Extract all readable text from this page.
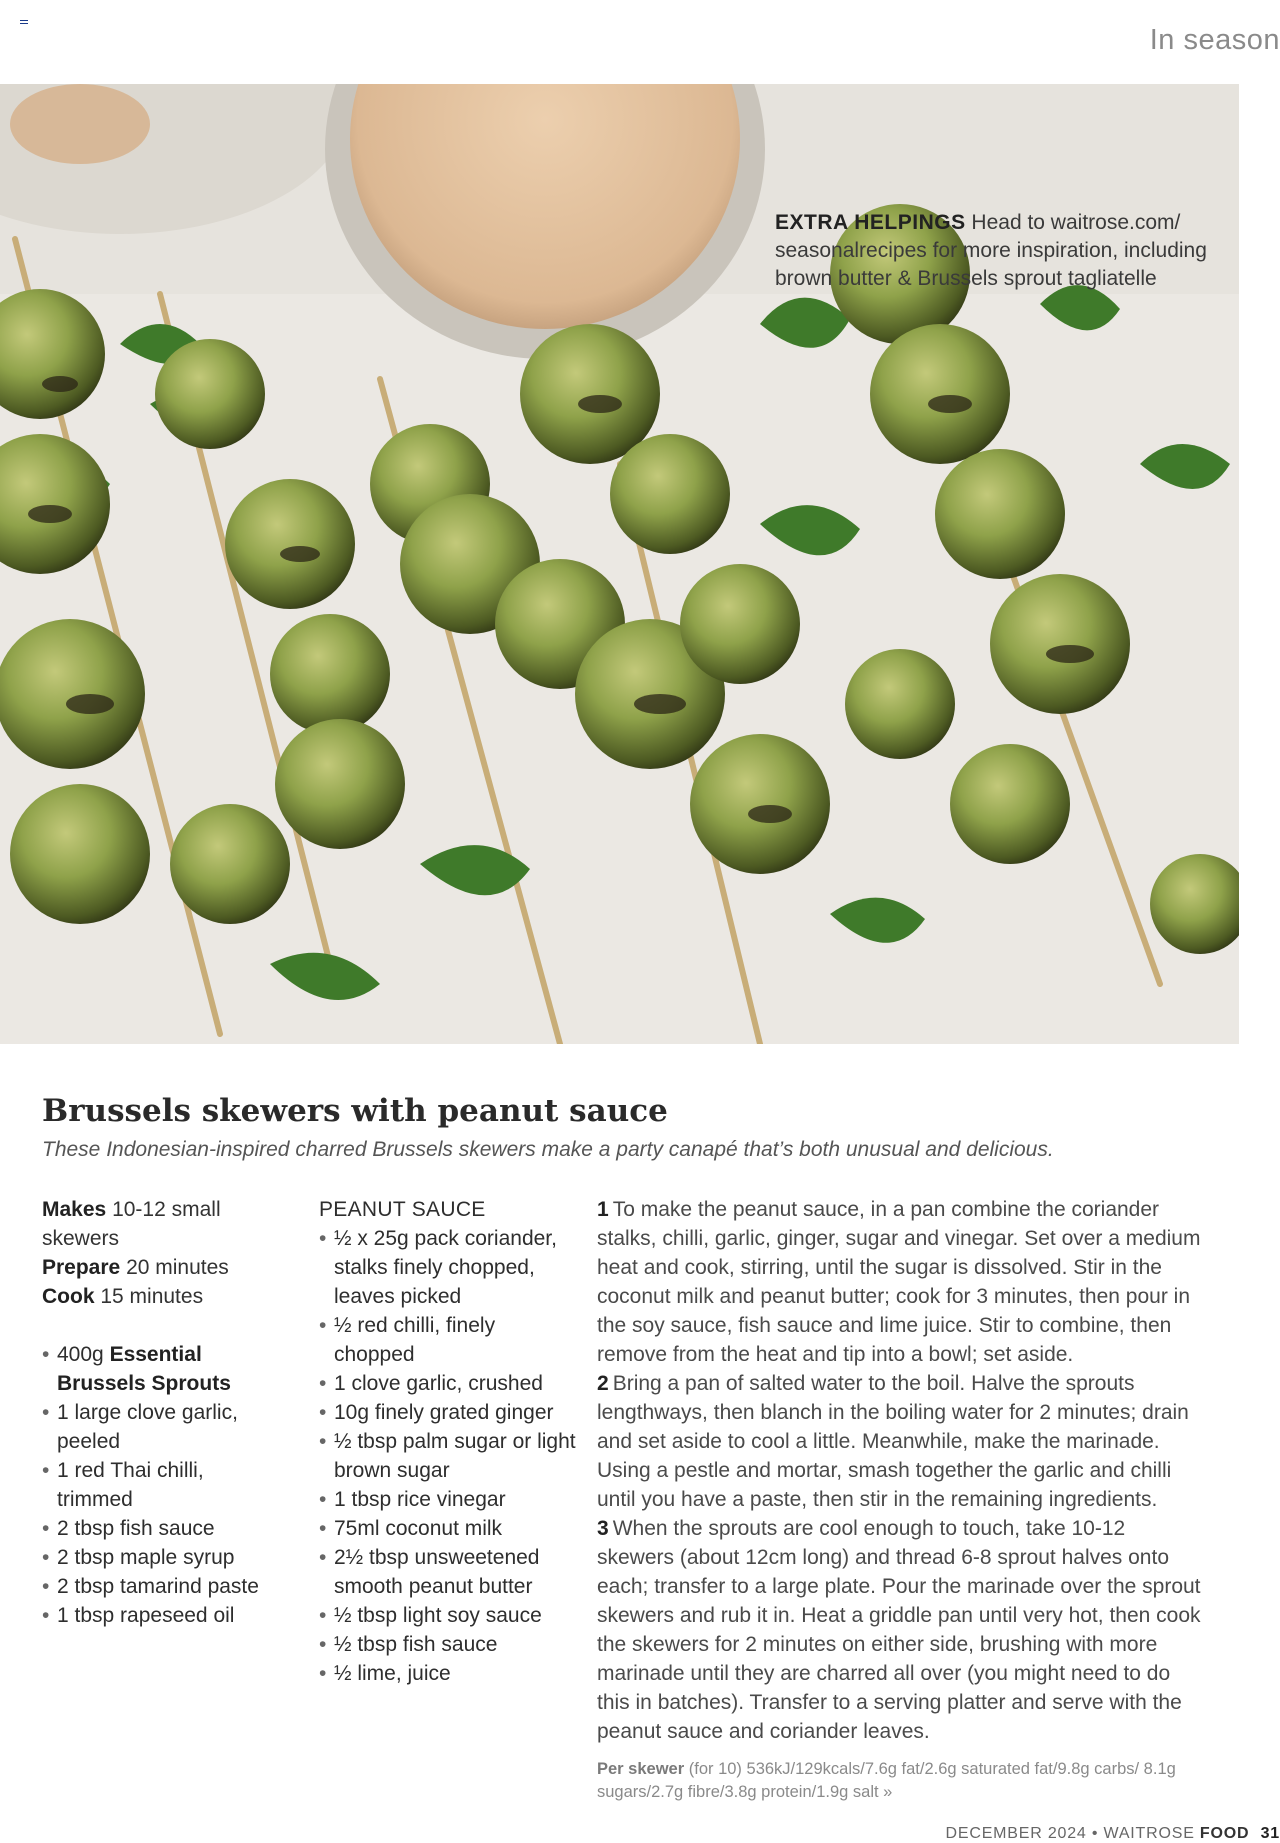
In season
EXTRA HELPINGS Head to waitrose.com/ seasonalrecipes for more inspiration, including brown butter & Brussels sprout tagliatelle
Brussels skewers with peanut sauce

These Indonesian-inspired charred Brussels skewers make a party canapé that’s both unusual and delicious.

Makes 10-12 small skewers
Prepare 20 minutes
Cook 15 minutes
• 400g Essential Brussels Sprouts
• 1 large clove garlic, peeled
• 1 red Thai chilli, trimmed
• 2 tbsp fish sauce
• 2 tbsp maple syrup
• 2 tbsp tamarind paste
• 1 tbsp rapeseed oil
PEANUT SAUCE
• ½ x 25g pack coriander, stalks finely chopped, leaves picked
• ½ red chilli, finely chopped
• 1 clove garlic, crushed
• 10g finely grated ginger
• ½ tbsp palm sugar or light brown sugar
• 1 tbsp rice vinegar
• 75ml coconut milk
• 2½ tbsp unsweetened smooth peanut butter
• ½ tbsp light soy sauce
• ½ tbsp fish sauce
• ½ lime, juice

1 To make the peanut sauce, in a pan combine the coriander stalks, chilli, garlic, ginger, sugar and vinegar. Set over a medium heat and cook, stirring, until the sugar is dissolved. Stir in the coconut milk and peanut butter; cook for 3 minutes, then pour in the soy sauce, fish sauce and lime juice. Stir to combine, then remove from the heat and tip into a bowl; set aside.

2 Bring a pan of salted water to the boil. Halve the sprouts lengthways, then blanch in the boiling water for 2 minutes; drain and set aside to cool a little. Meanwhile, make the marinade. Using a pestle and mortar, smash together the garlic and chilli until you have a paste, then stir in the remaining ingredients.

3 When the sprouts are cool enough to touch, take 10-12 skewers (about 12cm long) and thread 6-8 sprout halves onto each; transfer to a large plate. Pour the marinade over the sprout skewers and rub it in. Heat a griddle pan until very hot, then cook the skewers for 2 minutes on either side, brushing with more marinade until they are charred all over (you might need to do this in batches). Transfer to a serving platter and serve with the peanut sauce and coriander leaves.

Per skewer (for 10) 536kJ/129kcals/7.6g fat/2.6g saturated fat/9.8g carbs/ 8.1g sugars/2.7g fibre/3.8g protein/1.9g salt »
DECEMBER 2024 • WAITROSE FOOD 31
